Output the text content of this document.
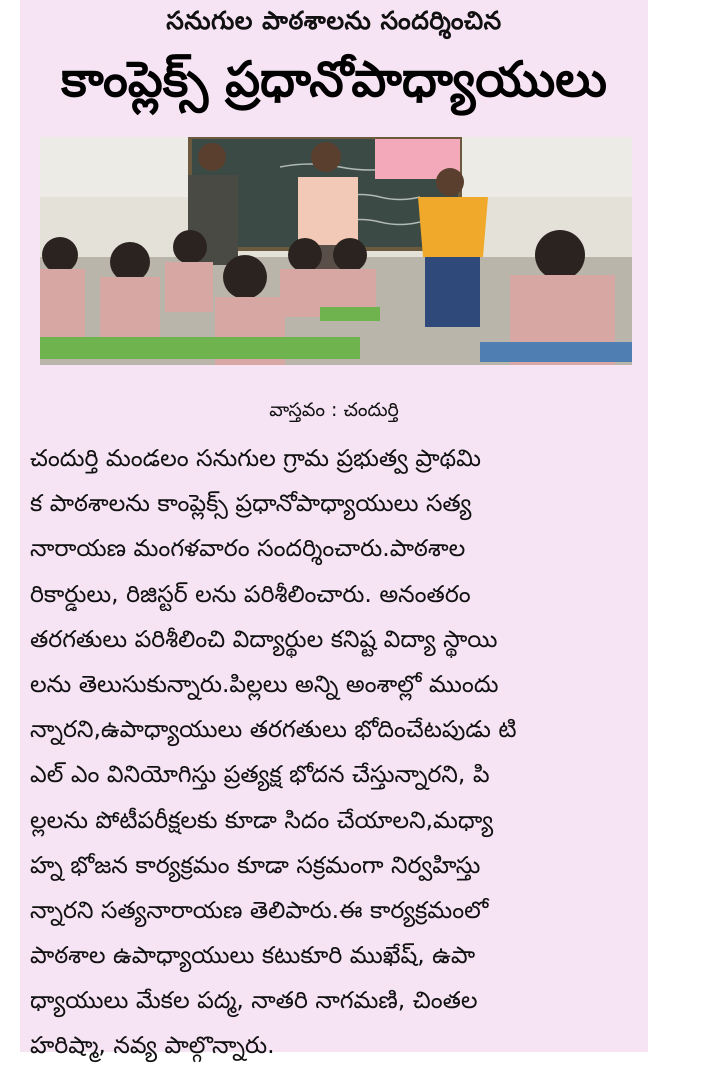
సనుగుల పాఠశాలను సందర్శించిన
కాంప్లెక్స్ ప్రధానోపాధ్యాయులు
వాస్తవం : చందుర్తి
చందుర్తి మండలం సనుగుల గ్రామ ప్రభుత్వ ప్రాథమి
క పాఠశాలను కాంప్లెక్స్ ప్రధానోపాధ్యాయులు సత్య
నారాయణ మంగళవారం సందర్శించారు.పాఠశాల
రికార్డులు, రిజిస్టర్ లను పరిశీలించారు. అనంతరం
తరగతులు పరిశీలించి విద్యార్థుల కనిష్ట విద్యా స్థాయి
లను తెలుసుకున్నారు.పిల్లలు అన్ని అంశాల్లో ముందు
న్నారని,ఉపాధ్యాయులు తరగతులు భోదించేటపుడు టి
ఎల్ ఎం వినియోగిస్తు ప్రత్యక్ష భోదన చేస్తున్నారని, పి
ల్లలను పోటీపరీక్షలకు కూడా సిదం చేయాలని,మధ్యా
హ్న భోజన కార్యక్రమం కూడా సక్రమంగా నిర్వహిస్తు
న్నారని సత్యనారాయణ తెలిపారు.ఈ కార్యక్రమంలో
పాఠశాల ఉపాధ్యాయులు కటుకూరి ముఖేష్, ఉపా
ధ్యాయులు మేకల పద్మ, నాతరి నాగమణి, చింతల
హరిష్మా, నవ్య పాల్గొన్నారు.
